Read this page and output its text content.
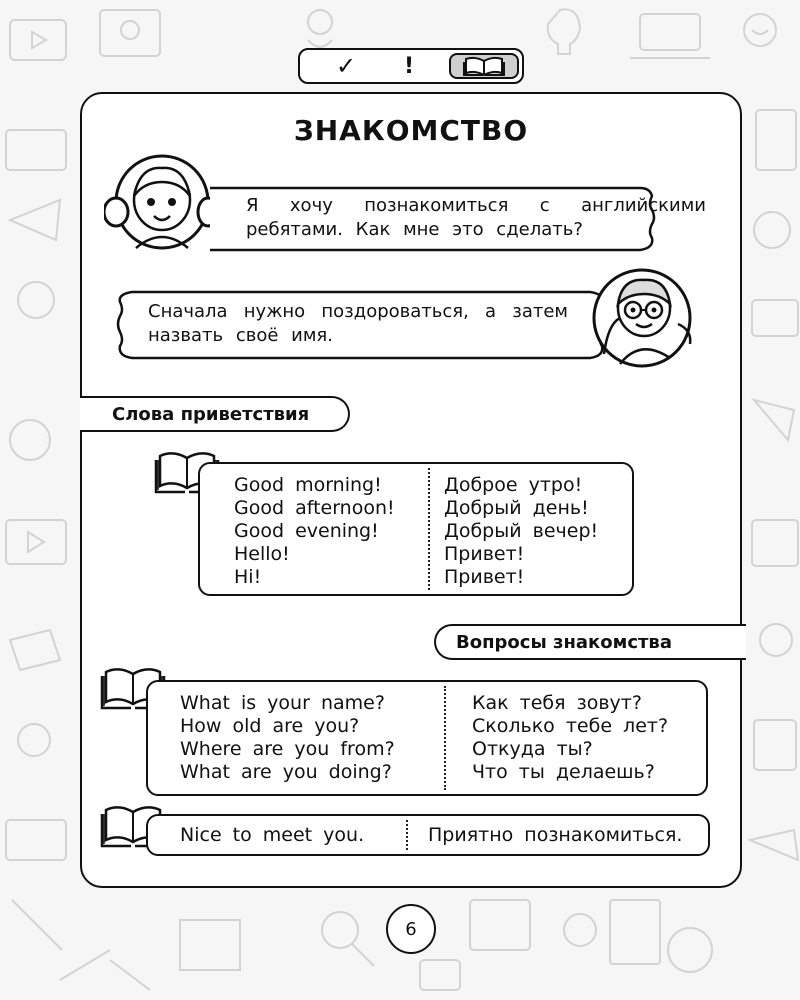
✓ !
ЗНАКОМСТВО
Я хочу познакомиться с английскими ребятами. Как мне это сделать?
Сначала нужно поздороваться, а затем назвать своё имя.
Слова приветствия
Good morning!
Good afternoon!
Good evening!
Hello!
Hi!
Доброе утро!
Добрый день!
Добрый вечер!
Привет!
Привет!
Вопросы знакомства
What is your name?
How old are you?
Where are you from?
What are you doing?
Как тебя зовут?
Сколько тебе лет?
Откуда ты?
Что ты делаешь?
Nice to meet you.	Приятно познакомиться.
6
